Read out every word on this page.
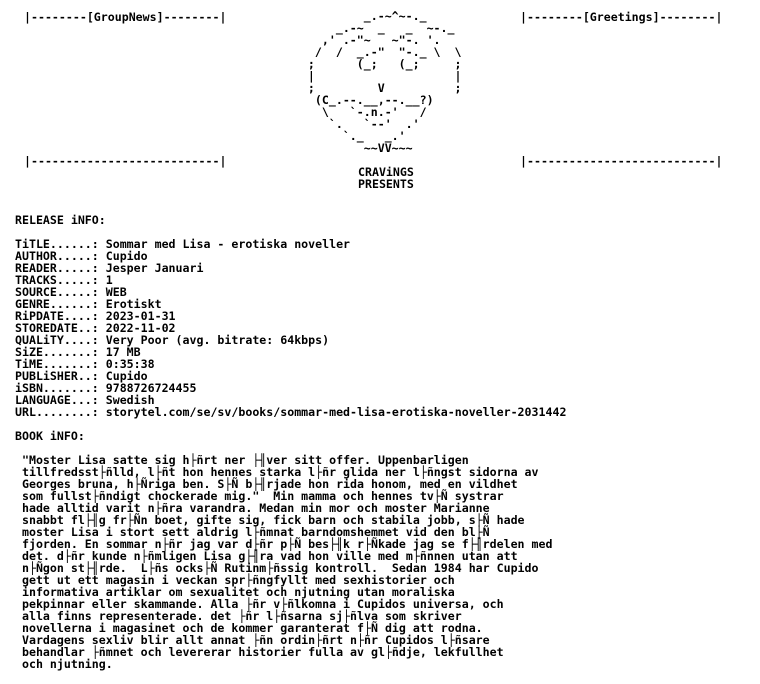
|--------[GroupNews]--------|

|---------------------------|
|--------[Greetings]--------|

|---------------------------|
_.-~^~-._
_.-~  _   _  ~-._
,' .-"~   ~"-. '.
/  /  _.-"  "-._ \  \
;      (_;   (_;     ;
|                    |
;         V          ;
(C_.--.__,--.__?)
\   `-.n.-'   /
`.   `--'  .'
`._   _.'
~~VV~~~
CRAViNGS
PRESENTS
RELEASE iNFO:

TiTLE......: Sommar med Lisa - erotiska noveller
AUTHOR.....: Cupido
READER.....: Jesper Januari
TRACKS.....: 1
SOURCE.....: WEB
GENRE......: Erotiskt
RiPDATE....: 2023-01-31
STOREDATE..: 2022-11-02
QUALiTY....: Very Poor (avg. bitrate: 64kbps)
SiZE.......: 17 MB
TiME.......: 0:35:38
PUBLiSHER..: Cupido
iSBN.......: 9788726724455
LANGUAGE...: Swedish
URL........: storytel.com/se/sv/books/sommar-med-lisa-erotiska-noveller-2031442

BOOK iNFO:

"Moster Lisa satte sig h├ñrt ner ├╢ver sitt offer. Uppenbarligen
tillfredsst├ñlld, l├ñt hon hennes starka l├ñr glida ner l├ñngst sidorna av
Georges bruna, h├Ñriga ben. S├Ñ b├╢rjade hon rida honom, med en vildhet
som fullst├ñndigt chockerade mig."  Min mamma och hennes tv├Ñ systrar
hade alltid varit n├ñra varandra. Medan min mor och moster Marianne
snabbt fl├╢g fr├Ñn boet, gifte sig, fick barn och stabila jobb, s├Ñ hade
moster Lisa i stort sett aldrig l├ñmnat barndomshemmet vid den bl├Ñ
fjorden. En sommar n├ñr jag var d├ñr p├Ñ bes├╢k r├Ñkade jag se f├╢rdelen med
det. d├ñr kunde n├ñmligen Lisa g├╢ra vad hon ville med m├ñnnen utan att
n├Ñgon st├╢rde.  L├ñs ocks├Ñ Rutinm├ñssig kontroll.  Sedan 1984 har Cupido
gett ut ett magasin i veckan spr├ñngfyllt med sexhistorier och
informativa artiklar om sexualitet och njutning utan moraliska
pekpinnar eller skammande. Alla ├ñr v├ñlkomna i Cupidos universa, och
alla finns representerade. det ├ñr l├ñsarna sj├ñlva som skriver
novellerna i magasinet och de kommer garanterat f├Ñ dig att rodna.
Vardagens sexliv blir allt annat ├ñn ordin├ñrt n├ñr Cupidos l├ñsare
behandlar ├ñmnet och levererar historier fulla av gl├ñdje, lekfullhet
och njutning.
